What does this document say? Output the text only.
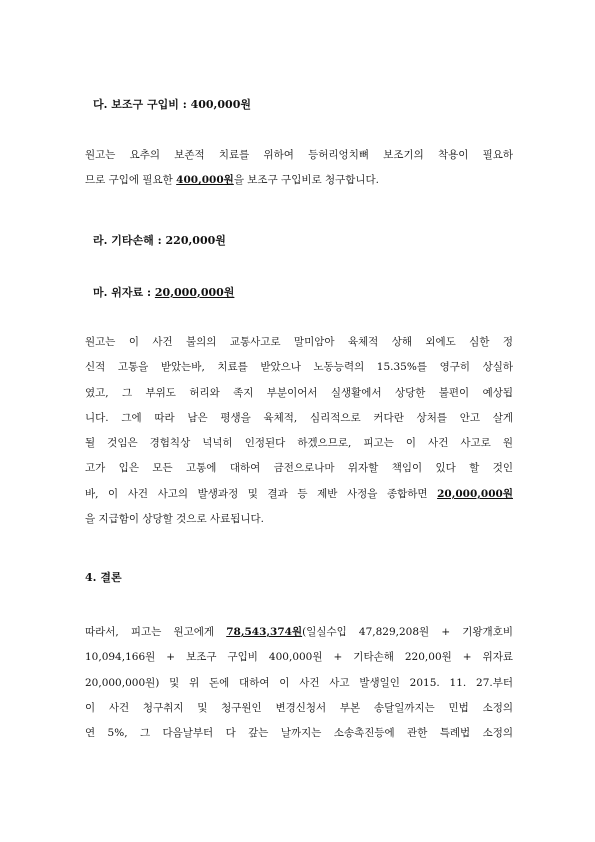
다. 보조구 구입비 : 400,000원

원고는 요추의 보존적 치료를 위하여 등허리엉치뼈 보조기의 착용이 필요하
므로 구입에 필요한 400,000원을 보조구 구입비로 청구합니다.

라. 기타손해 : 220,000원

마. 위자료 : 20,000,000원

원고는 이 사건 불의의 교통사고로 말미암아 육체적 상해 외에도 심한 정
신적 고통을 받았는바, 치료를 받았으나 노동능력의 15.35%를 영구히 상실하
였고, 그 부위도 허리와 족지 부분이어서 실생활에서 상당한 불편이 예상됩
니다. 그에 따라 남은 평생을 육체적, 심리적으로 커다란 상처를 안고 살게
될 것임은 경험칙상 넉넉히 인정된다 하겠으므로, 피고는 이 사건 사고로 원
고가 입은 모든 고통에 대하여 금전으로나마 위자할 책임이 있다 할 것인
바, 이 사건 사고의 발생과정 및 결과 등 제반 사정을 종합하면 20,000,000원
을 지급함이 상당할 것으로 사료됩니다.

4. 결론

따라서, 피고는 원고에게 78,543,374원(일실수입 47,829,208원 + 기왕개호비
10,094,166원 + 보조구 구입비 400,000원 + 기타손해 220,00원 + 위자료
20,000,000원) 및 위 돈에 대하여 이 사건 사고 발생일인 2015. 11. 27.부터
이 사건 청구취지 및 청구원인 변경신청서 부본 송달일까지는 민법 소정의
연 5%, 그 다음날부터 다 갚는 날까지는 소송촉진등에 관한 특례법 소정의
